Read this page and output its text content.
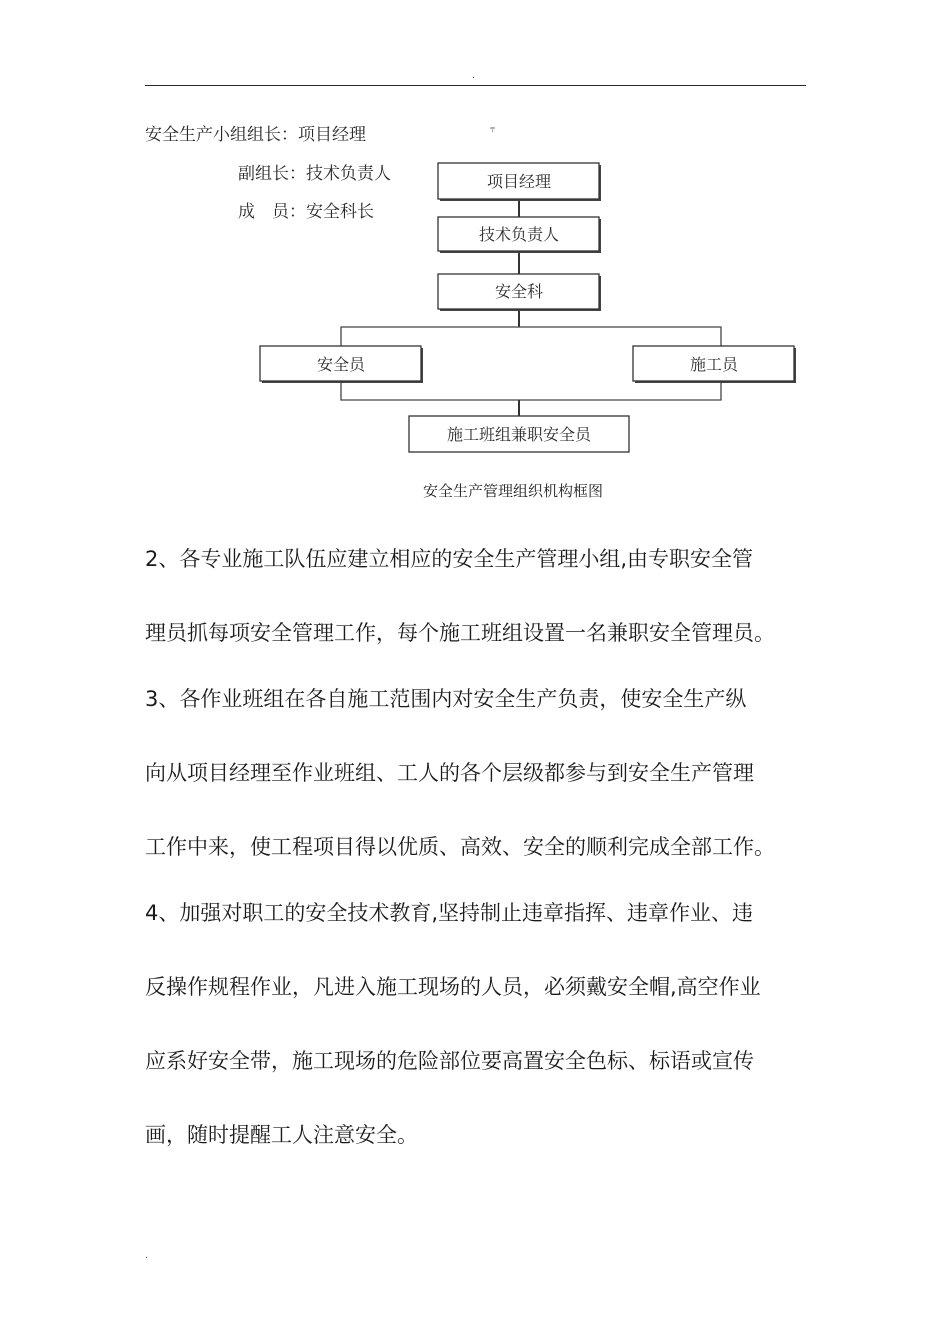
.
〒
安全生产小组组长：项目经理
副组长：技术负责人
成　员：安全科长
项目经理
技术负责人
安全科
安全员	施工员
施工班组兼职安全员
安全生产管理组织机构框图
2、各专业施工队伍应建立相应的安全生产管理小组,由专职安全管
理员抓每项安全管理工作，每个施工班组设置一名兼职安全管理员。
3、各作业班组在各自施工范围内对安全生产负责，使安全生产纵
向从项目经理至作业班组、工人的各个层级都参与到安全生产管理
工作中来，使工程项目得以优质、高效、安全的顺利完成全部工作。
4、加强对职工的安全技术教育,坚持制止违章指挥、违章作业、违
反操作规程作业，凡进入施工现场的人员，必须戴安全帽,高空作业
应系好安全带，施工现场的危险部位要高置安全色标、标语或宣传
画，随时提醒工人注意安全。
.
